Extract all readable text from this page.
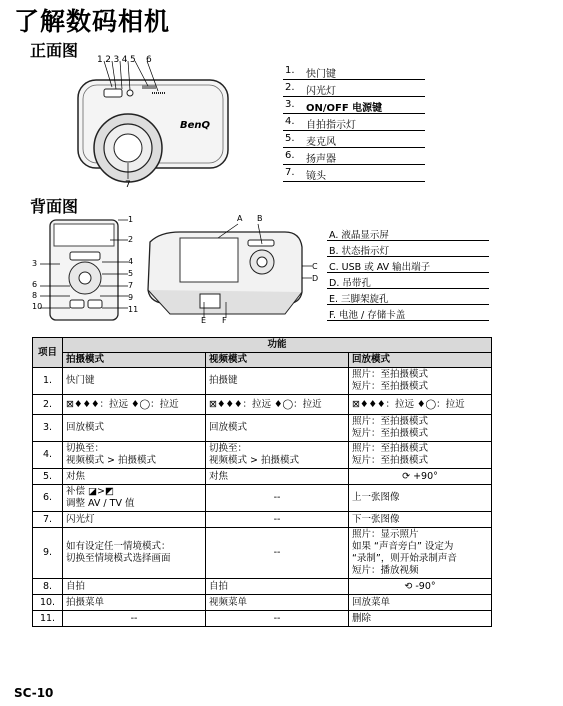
了解数码相机
正面图 12345 6
7
BenQ
1. 快门键
2. 闪光灯
3. ON/OFF 电源键
4. 自拍指示灯
5. 麦克风
6. 扬声器
7. 镜头
背面图
1
2
4
5
7
9
11
3
6
8
10
A B
C
D
E F
A. 液晶显示屏
B. 状态指示灯
C. USB 或 AV 输出端子
D. 吊带孔
E. 三脚架旋孔
F. 电池 / 存储卡盖
项目	功能		
	拍摄模式	视频模式	回放模式
1.	快门键	拍摄键	照片：至拍摄模式
短片：至拍摄模式
2.	⊠♦♦♦：拉远 ♦◯：拉近	⊠♦♦♦：拉远 ♦◯：拉近	⊠♦♦♦：拉远 ♦◯：拉近
3.	回放模式	回放模式	照片：至拍摄模式
短片：至拍摄模式
4.	切换至：
视频模式 > 拍摄模式	切换至：
视频模式 > 拍摄模式	照片：至拍摄模式
短片：至拍摄模式
5.	对焦	对焦	⟳ +90°
6.	补偿 ◪>◩
调整 AV / TV 值	--	上一张图像
7.	闪光灯	--	下一张图像
9.	如有设定任一情境模式：
切换至情境模式选择画面	--	照片：显示照片
如果 “声音旁白” 设定为
“录制”，则开始录制声音
短片：播放视频
8.	自拍	自拍	⟲ -90°
10.	拍摄菜单	视频菜单	回放菜单
11.	--	--	删除
SC-10
